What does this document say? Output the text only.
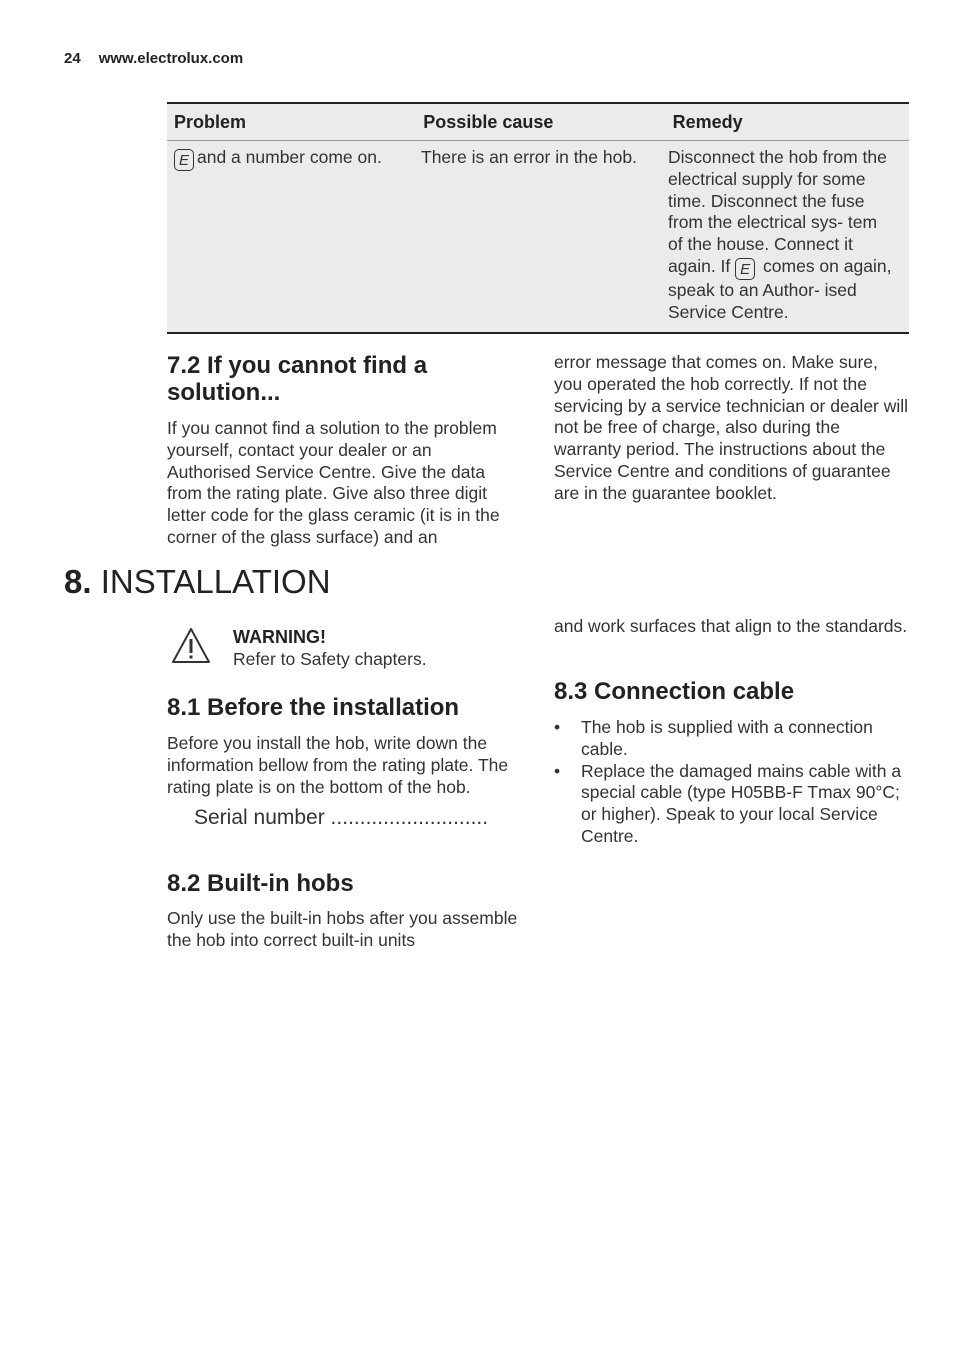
24 www.electrolux.com
Problem	Possible cause	Remedy
E and a number come on.	There is an error in the hob.	Disconnect the hob from the electrical supply for some time. Disconnect the fuse from the electrical sys- tem of the house. Connect it again. If E comes on again, speak to an Author- ised Service Centre.
7.2 If you cannot find a solution...

If you cannot find a solution to the problem yourself, contact your dealer or an Authorised Service Centre. Give the data from the rating plate. Give also three digit letter code for the glass ceramic (it is in the corner of the glass surface) and an

error message that comes on. Make sure, you operated the hob correctly. If not the servicing by a service technician or dealer will not be free of charge, also during the warranty period. The instructions about the Service Centre and conditions of guarantee are in the guarantee booklet.

8. INSTALLATION
WARNING!
Refer to Safety chapters.
8.1 Before the installation

Before you install the hob, write down the information bellow from the rating plate. The rating plate is on the bottom of the hob.

Serial number ...........................

8.2 Built-in hobs

Only use the built-in hobs after you assemble the hob into correct built-in units

and work surfaces that align to the standards.

8.3 Connection cable
• The hob is supplied with a connection cable.
• Replace the damaged mains cable with a special cable (type H05BB-F Tmax 90°C; or higher). Speak to your local Service Centre.
